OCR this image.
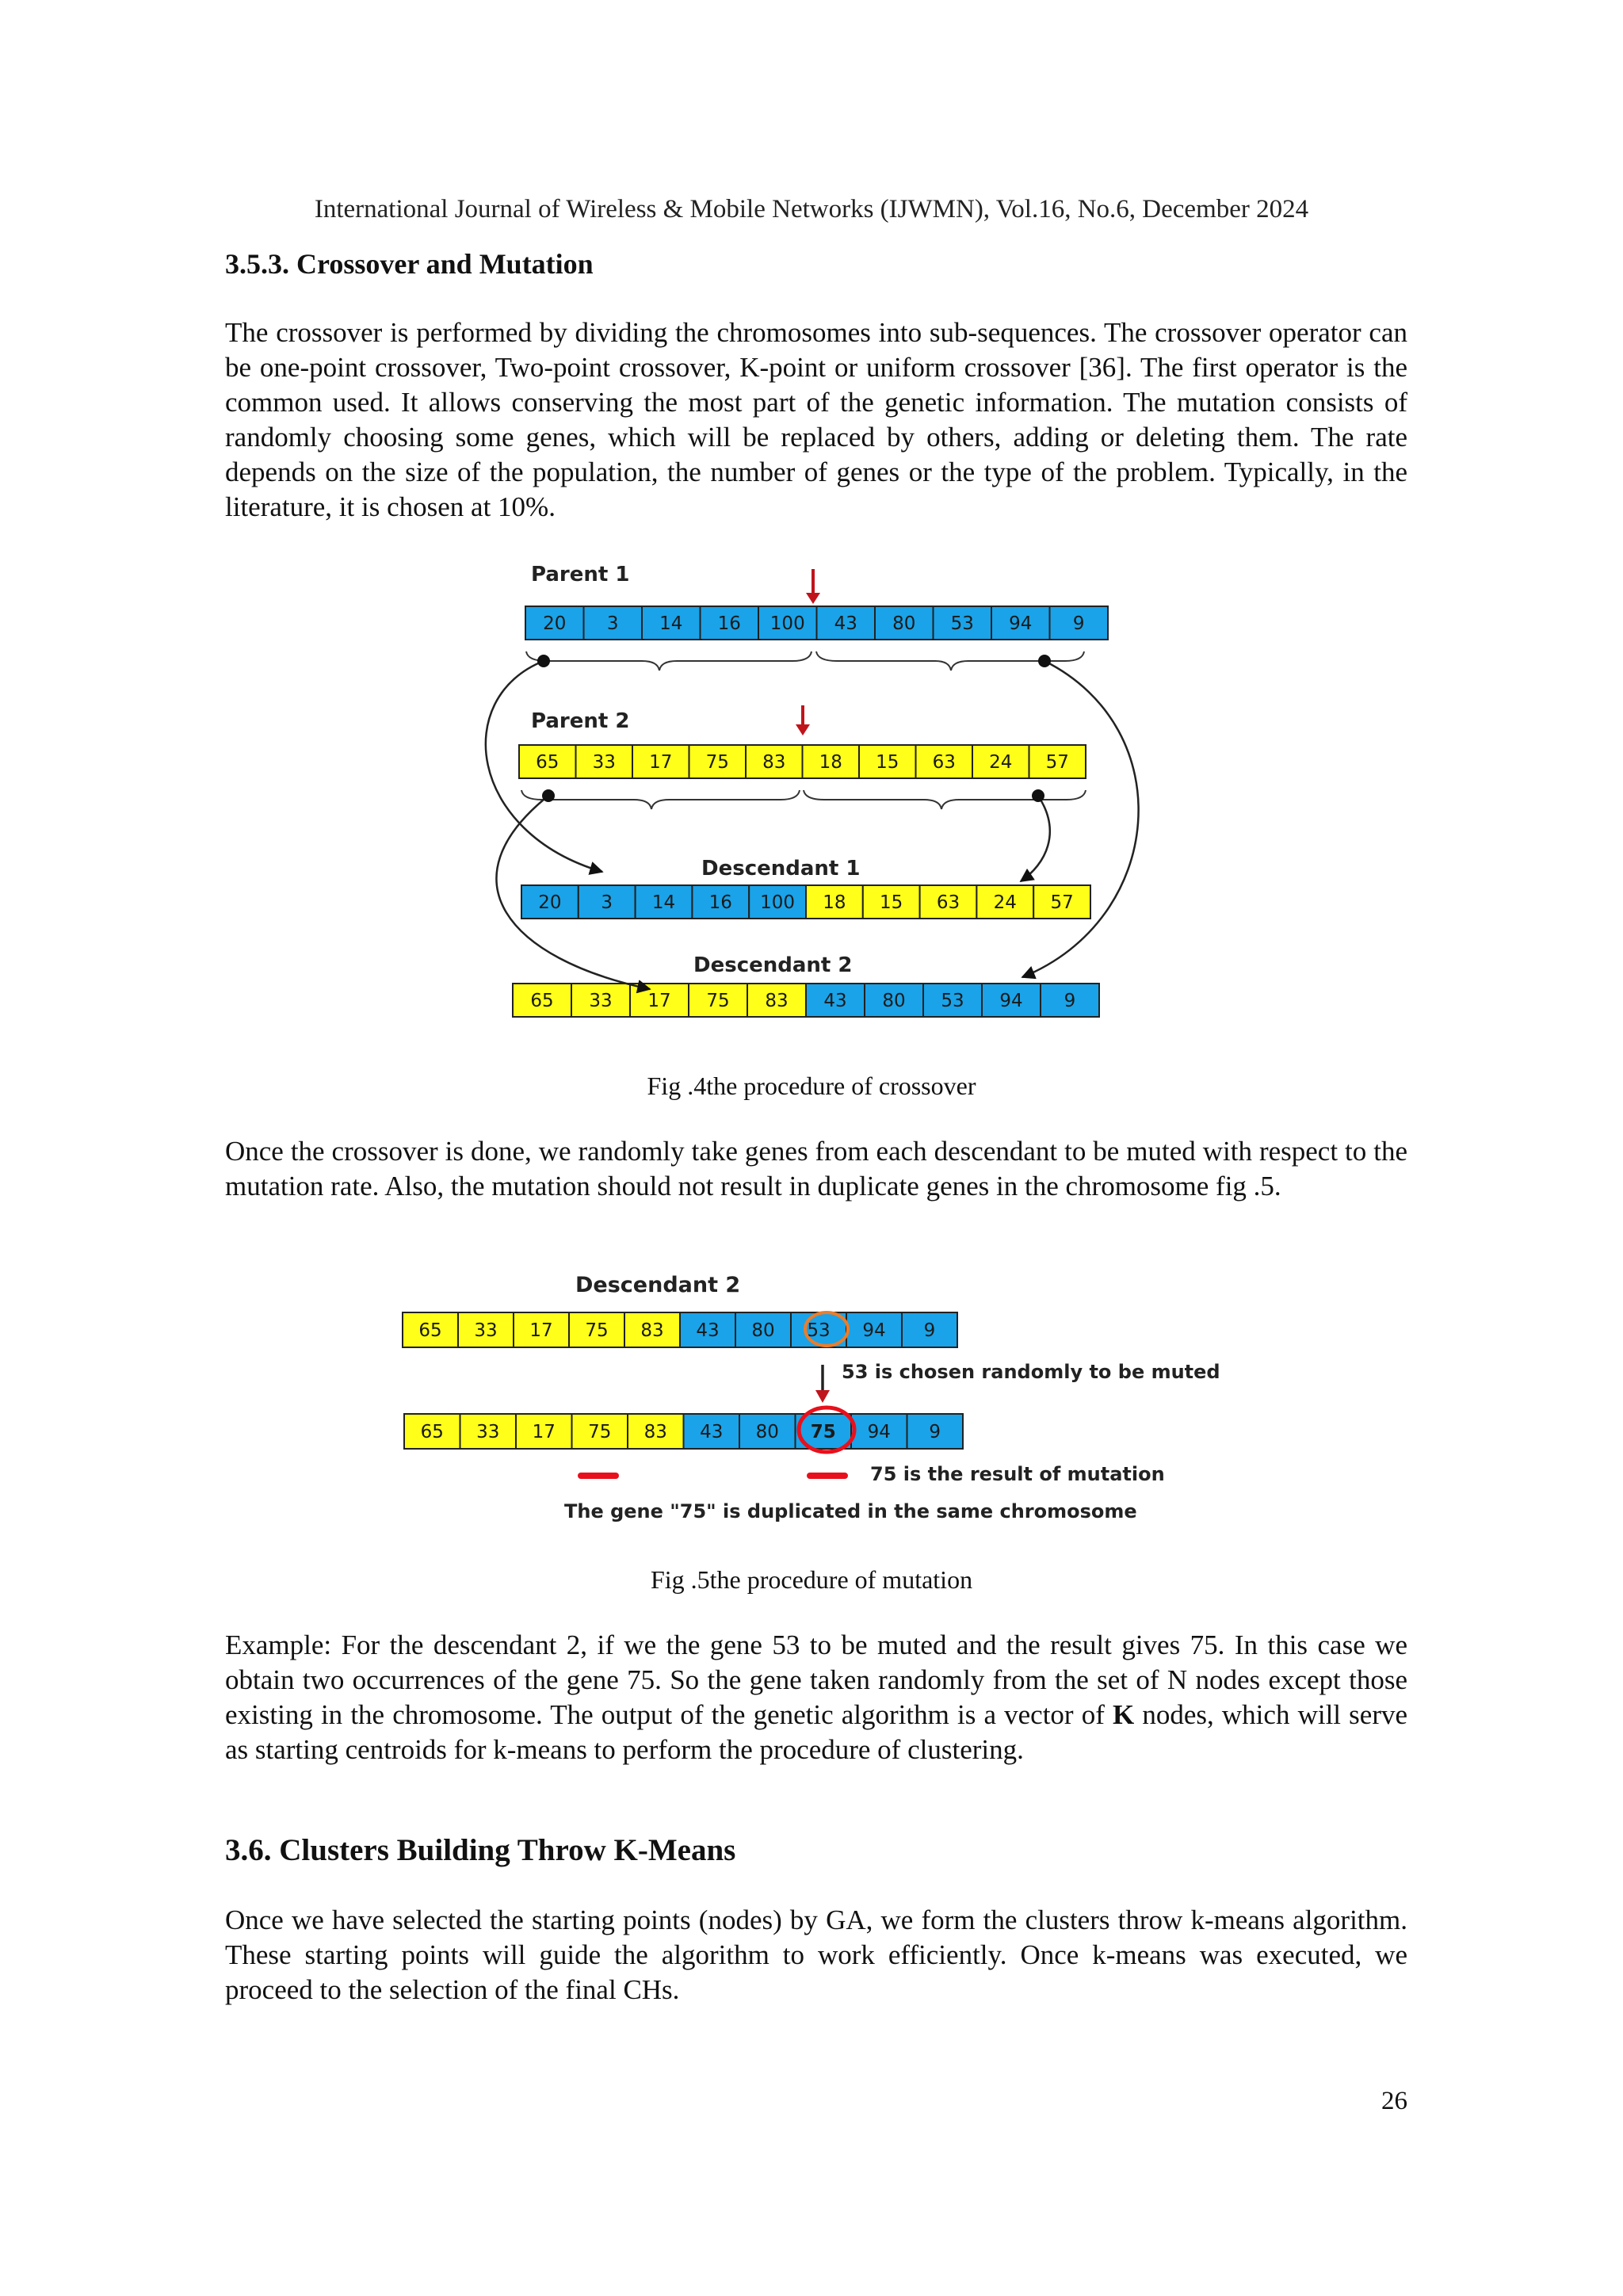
International Journal of Wireless & Mobile Networks (IJWMN), Vol.16, No.6, December 2024
3.5.3. Crossover and Mutation

The crossover is performed by dividing the chromosomes into sub-sequences. The crossover operator can be one-point crossover, Two-point crossover, K-point or uniform crossover [36]. The first operator is the common used. It allows conserving the most part of the genetic information. The mutation consists of randomly choosing some genes, which will be replaced by others, adding or deleting them. The rate depends on the size of the population, the number of genes or the type of the problem. Typically, in the literature, it is chosen at 10%.

Parent 1
Parent 2
Descendant 1
Descendant 2
20 3 14 16 100 43 80 53 94 9
65 33 17 75 83 18 15 63 24 57
20 3 14 16 100 18 15 63 24 57
65 33 17 75 83 43 80 53 94 9
Fig .4the procedure of crossover

Once the crossover is done, we randomly take genes from each descendant to be muted with respect to the mutation rate. Also, the mutation should not result in duplicate genes in the chromosome fig .5.

Descendant 2
65 33 17 75 83 43 80 53 94 9
65 33 17 75 83 43 80 75 94 9
53 is chosen randomly to be muted
75 is the result of mutation
The gene "75" is duplicated in the same chromosome
Fig .5the procedure of mutation

Example: For the descendant 2, if we the gene 53 to be muted and the result gives 75. In this case we obtain two occurrences of the gene 75. So the gene taken randomly from the set of N nodes except those existing in the chromosome. The output of the genetic algorithm is a vector of K nodes, which will serve as starting centroids for k-means to perform the procedure of clustering.

3.6. Clusters Building Throw K-Means

Once we have selected the starting points (nodes) by GA, we form the clusters throw k-means algorithm. These starting points will guide the algorithm to work efficiently. Once k-means was executed, we proceed to the selection of the final CHs.

26
